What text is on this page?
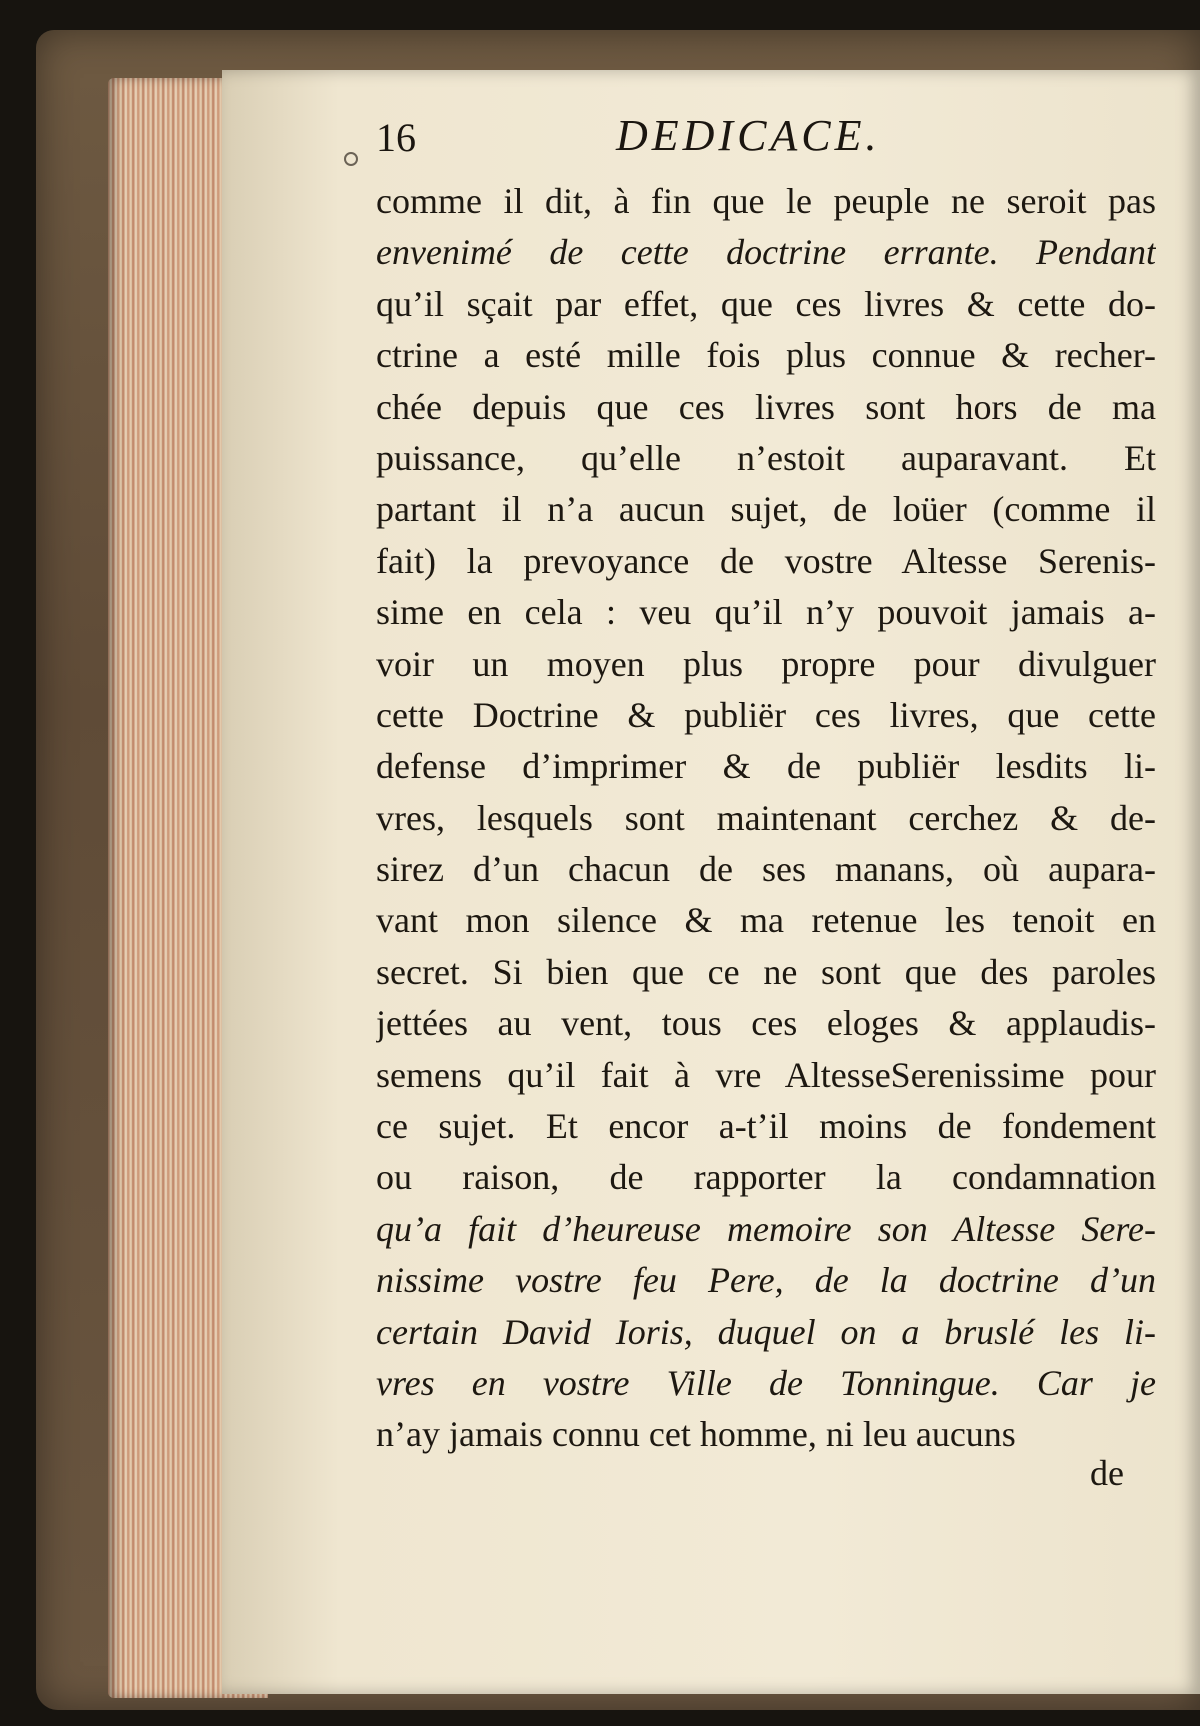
16	DEDICACE.
comme il dit, à fin que le peuple ne seroit pas
envenimé de cette doctrine errante. Pendant
qu’il sçait par effet, que ces livres & cette do-
ctrine a esté mille fois plus connue & recher-
chée depuis que ces livres sont hors de ma
puissance, qu’elle n’estoit auparavant. Et
partant il n’a aucun sujet, de loüer (comme il
fait) la prevoyance de vostre Altesse Serenis-
sime en cela : veu qu’il n’y pouvoit jamais a-
voir un moyen plus propre pour divulguer
cette Doctrine & publiër ces livres, que cette
defense d’imprimer & de publiër lesdits li-
vres, lesquels sont maintenant cerchez & de-
sirez d’un chacun de ses manans, où aupara-
vant mon silence & ma retenue les tenoit en
secret. Si bien que ce ne sont que des paroles
jettées au vent, tous ces eloges & applaudis-
semens qu’il fait à vre AltesseSerenissime pour
ce sujet. Et encor a-t’il moins de fondement
ou raison, de rapporter la condamnation
qu’a fait d’heureuse memoire son Altesse Sere-
nissime vostre feu Pere, de la doctrine d’un
certain David Ioris, duquel on a bruslé les li-
vres en vostre Ville de Tonningue. Car je
n’ay jamais connu cet homme, ni leu aucuns
de
